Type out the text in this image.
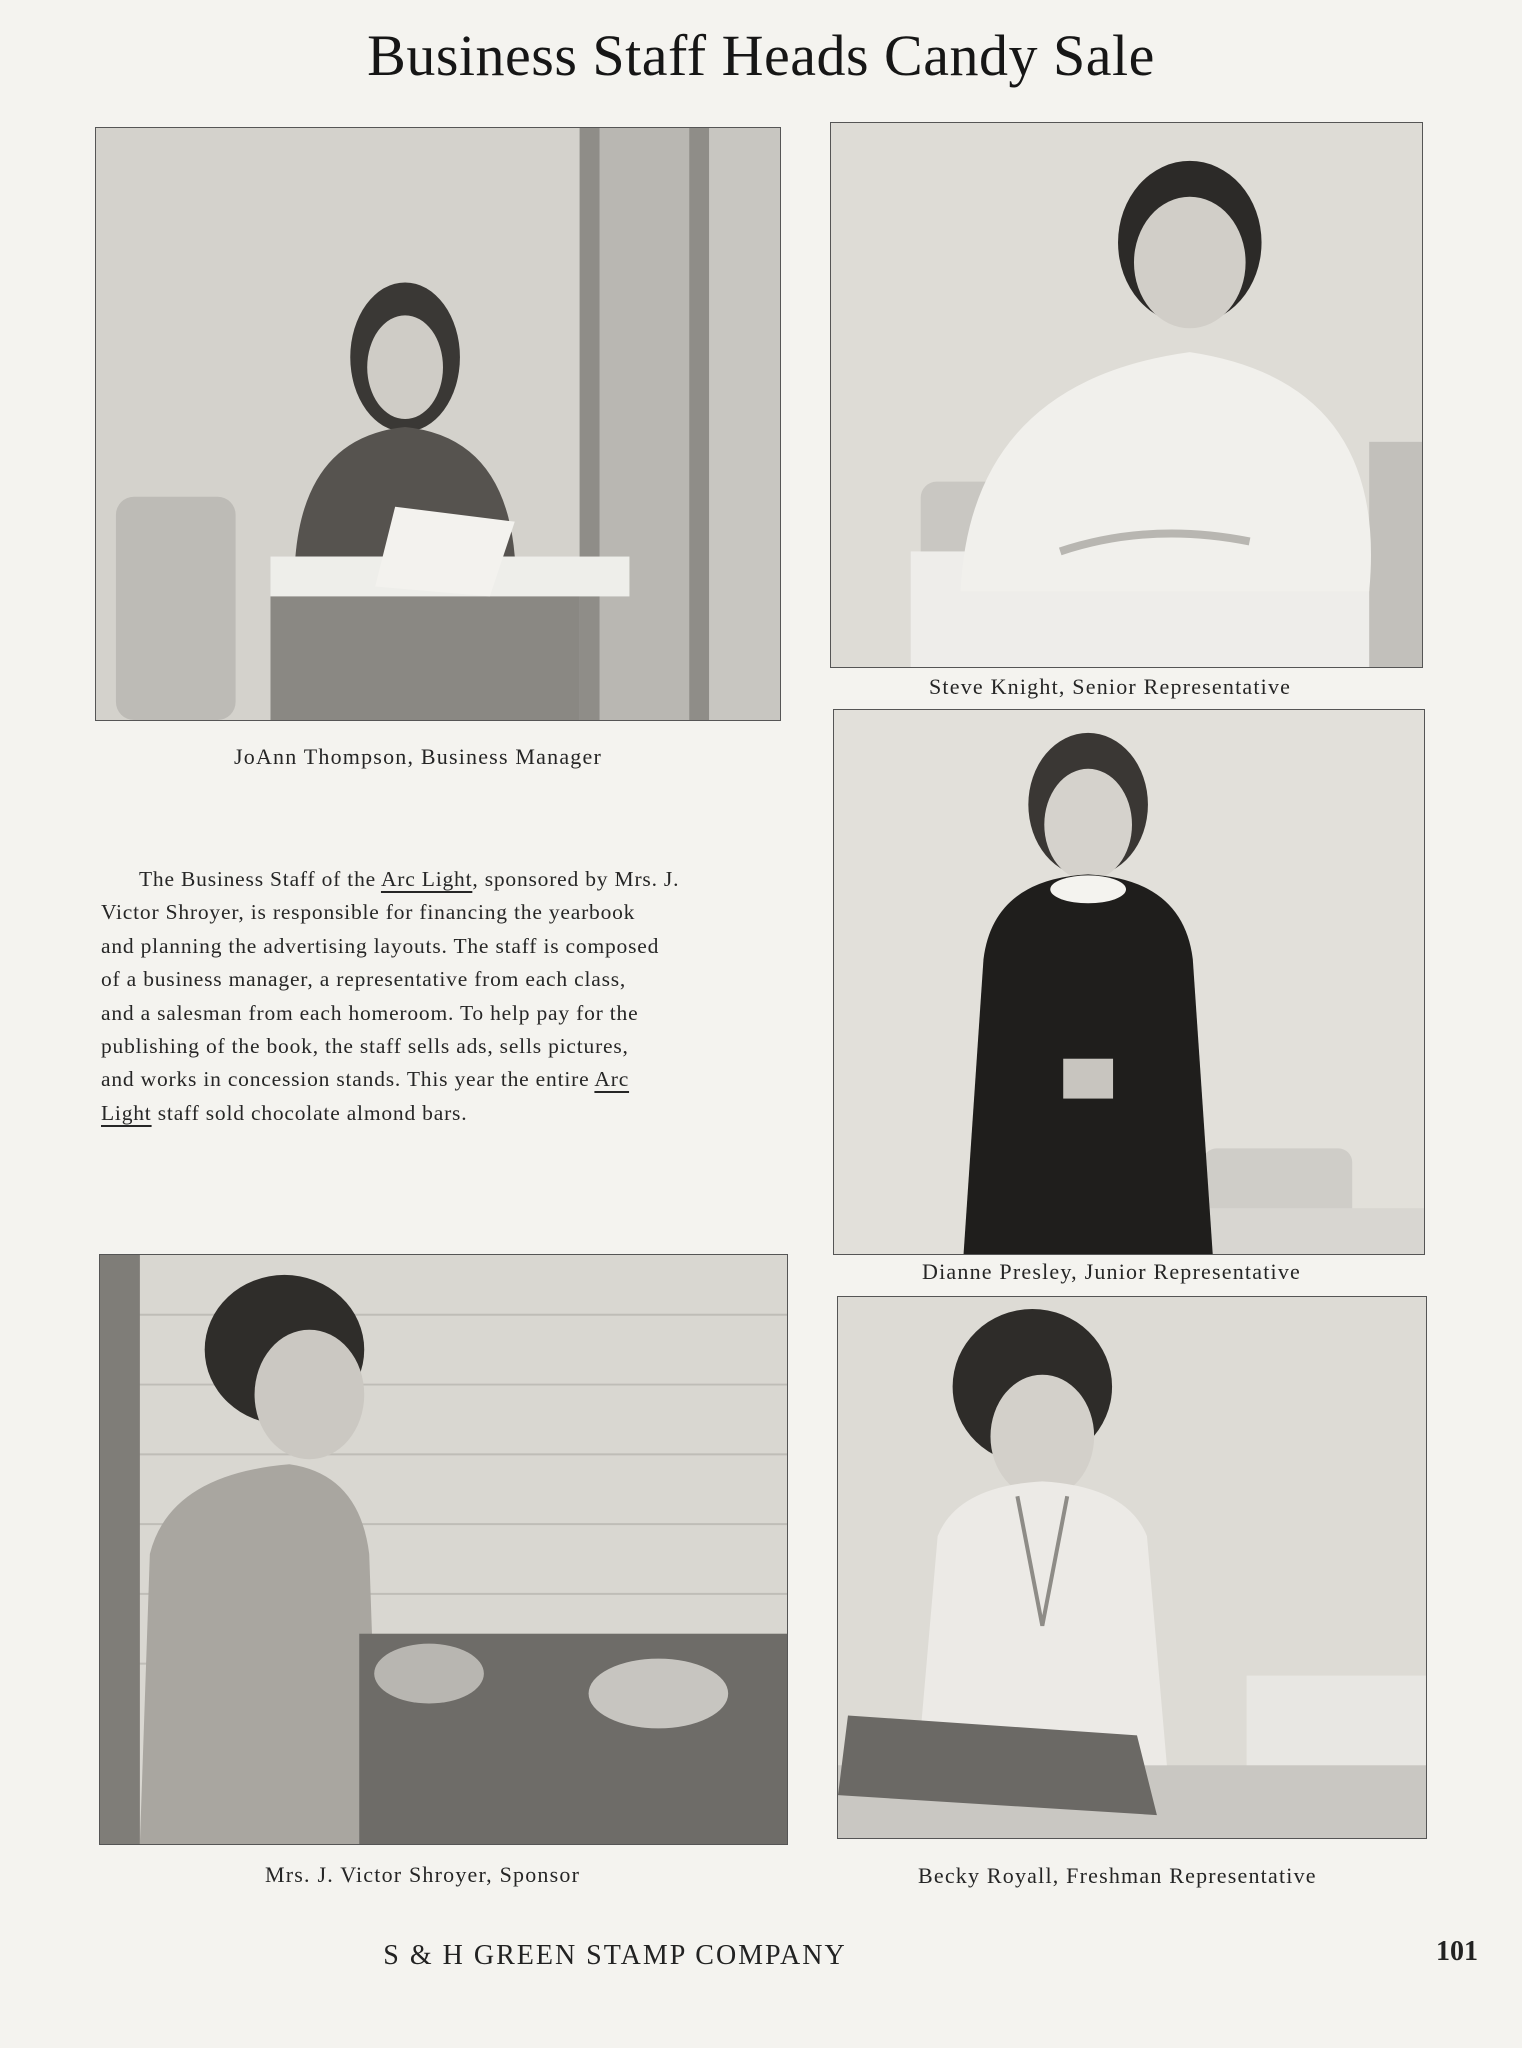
Business Staff Heads Candy Sale
JoAnn Thompson, Business Manager
Steve Knight, Senior Representative
Dianne Presley, Junior Representative
Mrs. J. Victor Shroyer, Sponsor	Becky Royall, Freshman Representative
The Business Staff of the Arc Light, sponsored by Mrs. J.
Victor Shroyer, is responsible for financing the yearbook
and planning the advertising layouts. The staff is composed
of a business manager, a representative from each class,
and a salesman from each homeroom. To help pay for the
publishing of the book, the staff sells ads, sells pictures,
and works in concession stands. This year the entire Arc
Light staff sold chocolate almond bars.
S & H GREEN STAMP COMPANY	101
